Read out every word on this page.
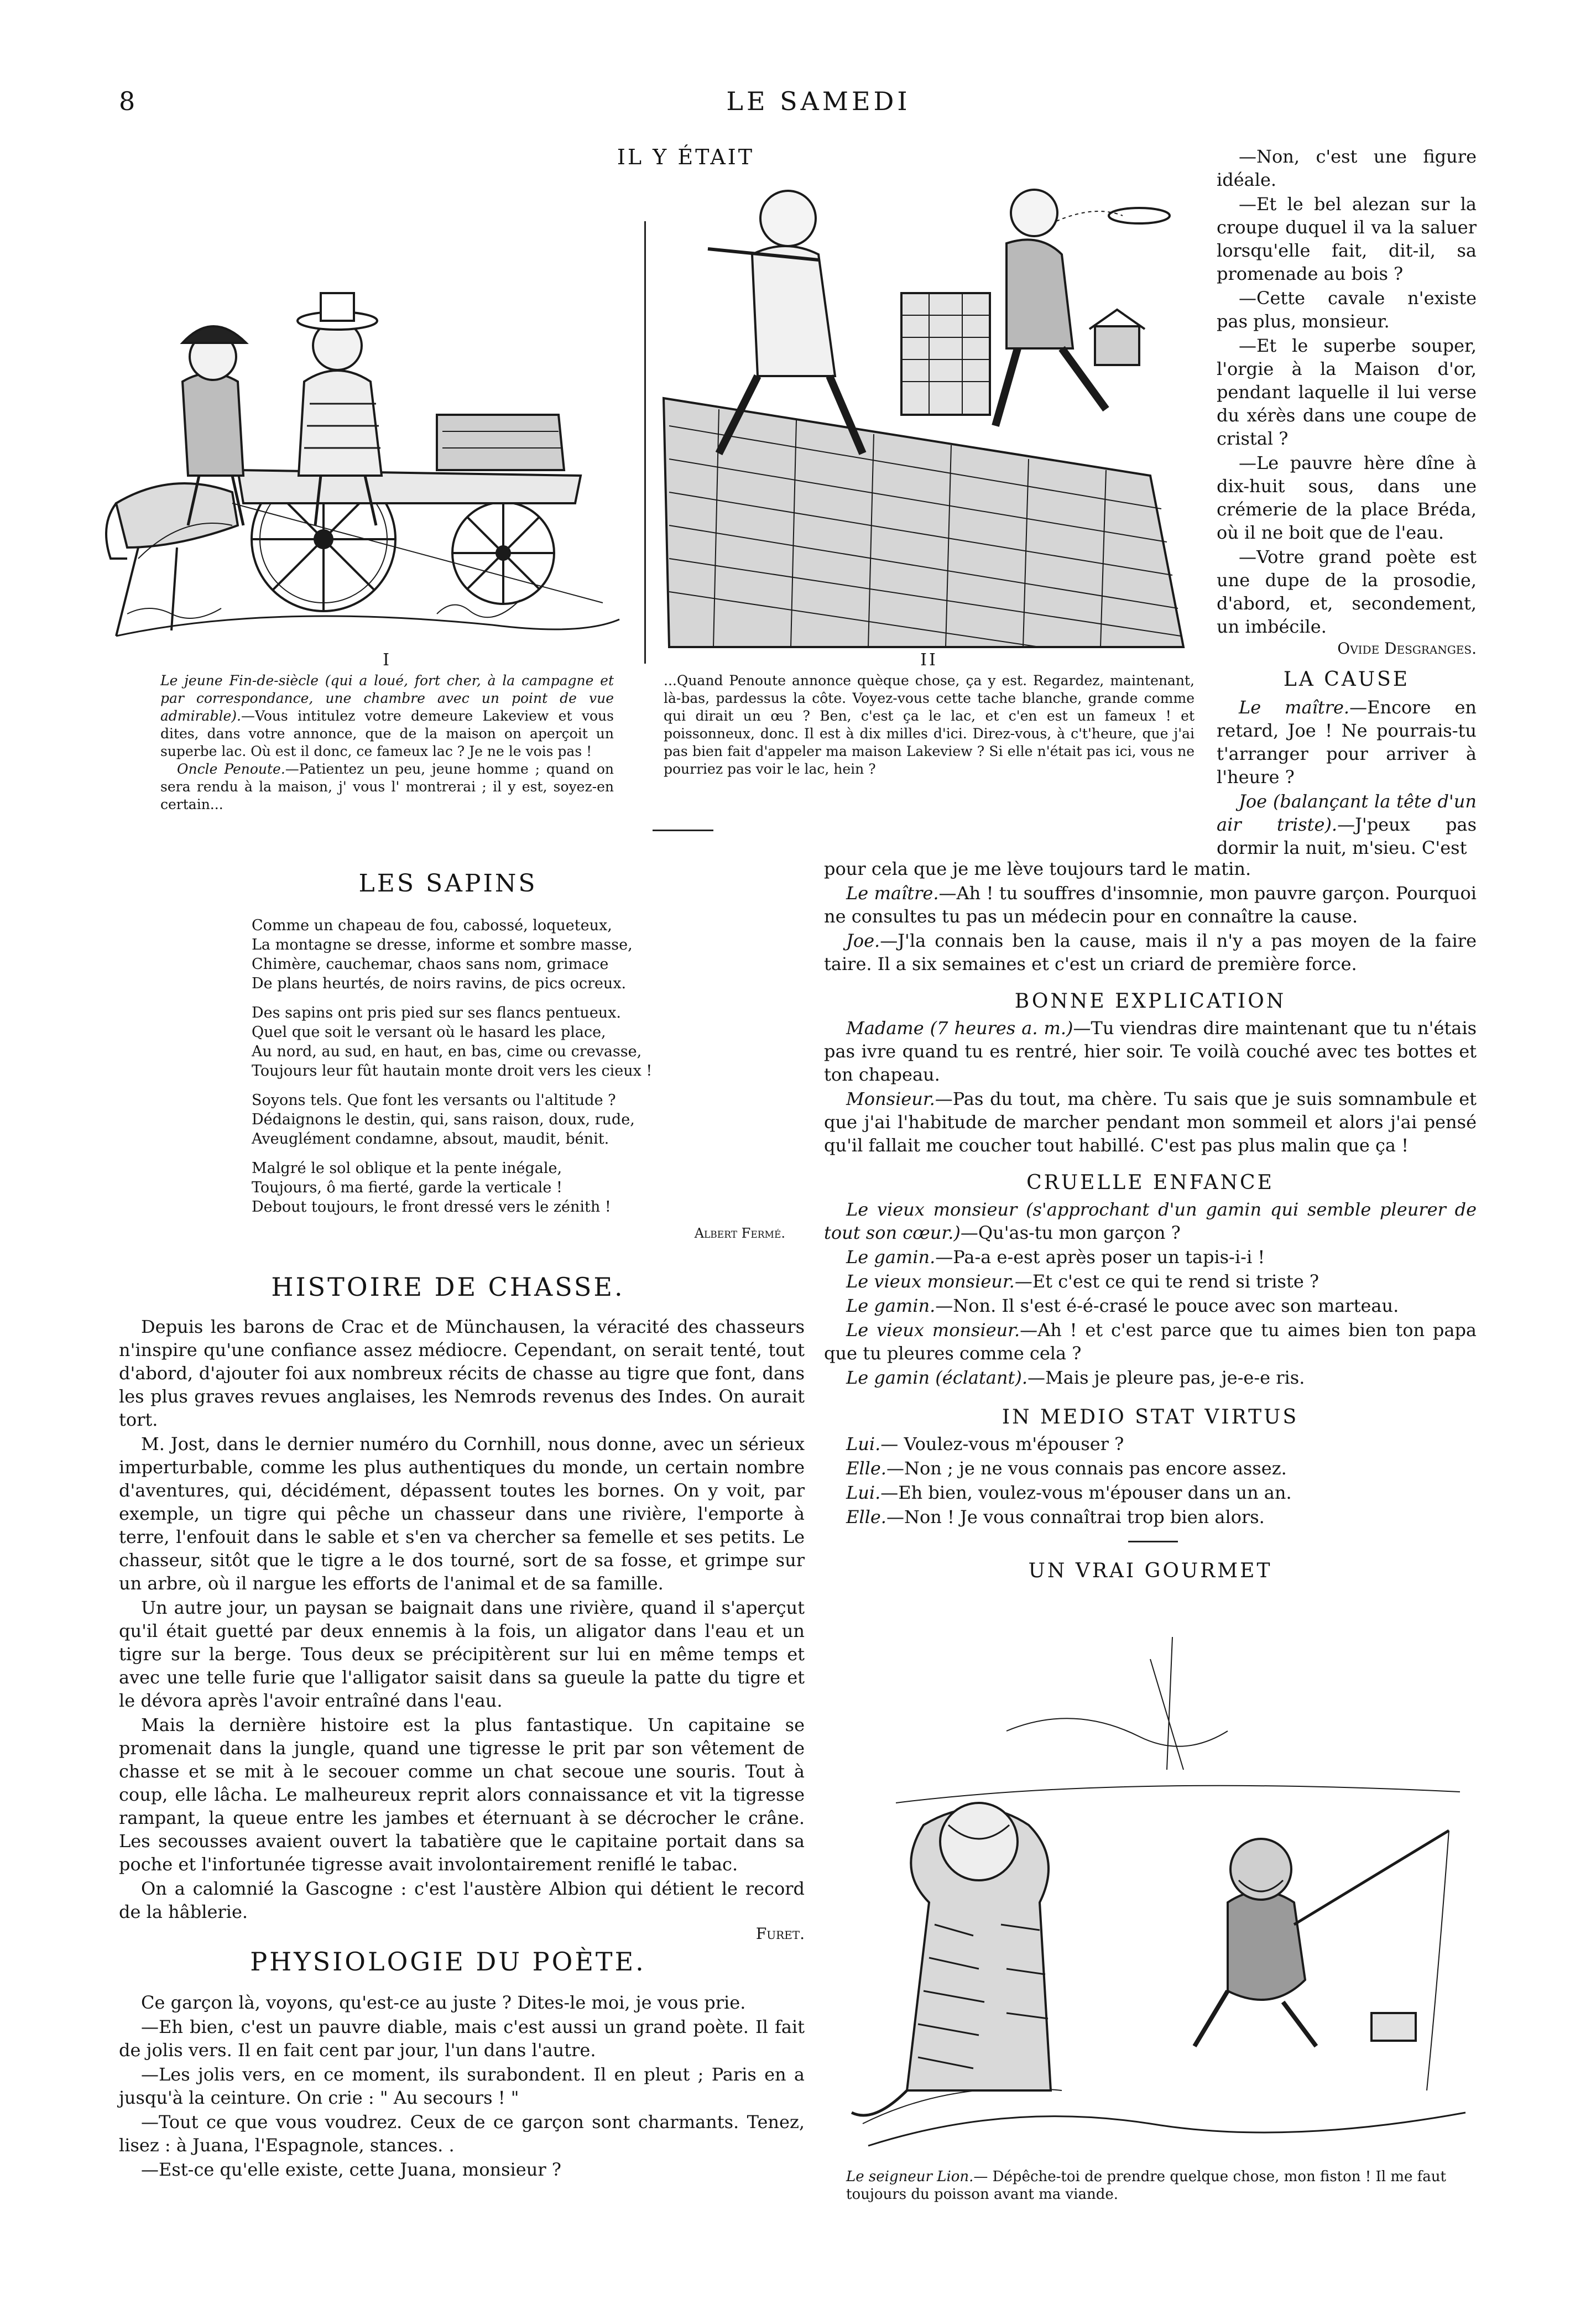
8	LE SAMEDI
IL Y ÉTAIT
I
Le jeune Fin-de-siècle (qui a loué, fort cher, à la campagne et par correspondance, une chambre avec un point de vue admirable).—Vous intitulez votre demeure Lakeview et vous dites, dans votre annonce, que de la maison on aperçoit un superbe lac. Où est il donc, ce fameux lac ? Je ne le vois pas !
Oncle Penoute.—Patientez un peu, jeune homme ; quand on sera rendu à la maison, j' vous l' montrerai ; il y est, soyez-en certain...
II
...Quand Penoute annonce quèque chose, ça y est. Regardez, maintenant, là-bas, pardessus la côte. Voyez-vous cette tache blanche, grande comme qui dirait un œu ? Ben, c'est ça le lac, et c'en est un fameux ! et poissonneux, donc. Il est à dix milles d'ici. Direz-vous, à c't'heure, que j'ai pas bien fait d'appeler ma maison Lakeview ? Si elle n'était pas ici, vous ne pourriez pas voir le lac, hein ?

—Non, c'est une figure idéale.

—Et le bel alezan sur la croupe duquel il va la saluer lorsqu'elle fait, dit-il, sa promenade au bois ?

—Cette cavale n'existe pas plus, monsieur.

—Et le superbe souper, l'orgie à la Maison d'or, pendant laquelle il lui verse du xérès dans une coupe de cristal ?

—Le pauvre hère dîne à dix-huit sous, dans une crémerie de la place Bréda, où il ne boit que de l'eau.

—Votre grand poète est une dupe de la prosodie, d'abord, et, secondement, un imbécile.

Ovide Desgranges.
LA CAUSE

Le maître.—Encore en retard, Joe ! Ne pourrais-tu t'arranger pour arriver à l'heure ?

Joe (balançant la tête d'un air triste).—J'peux pas dormir la nuit, m'sieu. C'est

pour cela que je me lève toujours tard le matin.

Le maître.—Ah ! tu souffres d'insomnie, mon pauvre garçon. Pourquoi ne consultes tu pas un médecin pour en connaître la cause.

Joe.—J'la connais ben la cause, mais il n'y a pas moyen de la faire taire. Il a six semaines et c'est un criard de première force.

BONNE EXPLICATION

Madame (7 heures a. m.)—Tu viendras dire maintenant que tu n'étais pas ivre quand tu es rentré, hier soir. Te voilà couché avec tes bottes et ton chapeau.

Monsieur.—Pas du tout, ma chère. Tu sais que je suis somnambule et que j'ai l'habitude de marcher pendant mon sommeil et alors j'ai pensé qu'il fallait me coucher tout habillé. C'est pas plus malin que ça !

CRUELLE ENFANCE

Le vieux monsieur (s'approchant d'un gamin qui semble pleurer de tout son cœur.)—Qu'as-tu mon garçon ?

Le gamin.—Pa-a e-est après poser un tapis-i-i !

Le vieux monsieur.—Et c'est ce qui te rend si triste ?

Le gamin.—Non. Il s'est é-é-crasé le pouce avec son marteau.

Le vieux monsieur.—Ah ! et c'est parce que tu aimes bien ton papa que tu pleures comme cela ?

Le gamin (éclatant).—Mais je pleure pas, je-e-e ris.

IN MEDIO STAT VIRTUS

Lui.— Voulez-vous m'épouser ?

Elle.—Non ; je ne vous connais pas encore assez.

Lui.—Eh bien, voulez-vous m'épouser dans un an.

Elle.—Non ! Je vous connaîtrai trop bien alors.

UN VRAI GOURMET
Le seigneur Lion.— Dépêche-toi de prendre quelque chose, mon fiston ! Il me faut toujours du poisson avant ma viande.
LES SAPINS
Comme un chapeau de fou, cabossé, loqueteux,
La montagne se dresse, informe et sombre masse,
Chimère, cauchemar, chaos sans nom, grimace
De plans heurtés, de noirs ravins, de pics ocreux.
Des sapins ont pris pied sur ses flancs pentueux.
Quel que soit le versant où le hasard les place,
Au nord, au sud, en haut, en bas, cime ou crevasse,
Toujours leur fût hautain monte droit vers les cieux !
Soyons tels. Que font les versants ou l'altitude ?
Dédaignons le destin, qui, sans raison, doux, rude,
Aveuglément condamne, absout, maudit, bénit.
Malgré le sol oblique et la pente inégale,
Toujours, ô ma fierté, garde la verticale !
Debout toujours, le front dressé vers le zénith !
Albert Fermé.
HISTOIRE DE CHASSE.

Depuis les barons de Crac et de Münchausen, la véracité des chasseurs n'inspire qu'une confiance assez médiocre. Cependant, on serait tenté, tout d'abord, d'ajouter foi aux nombreux récits de chasse au tigre que font, dans les plus graves revues anglaises, les Nemrods revenus des Indes. On aurait tort.

M. Jost, dans le dernier numéro du Cornhill, nous donne, avec un sérieux imperturbable, comme les plus authentiques du monde, un certain nombre d'aventures, qui, décidément, dépassent toutes les bornes. On y voit, par exemple, un tigre qui pêche un chasseur dans une rivière, l'emporte à terre, l'enfouit dans le sable et s'en va chercher sa femelle et ses petits. Le chasseur, sitôt que le tigre a le dos tourné, sort de sa fosse, et grimpe sur un arbre, où il nargue les efforts de l'animal et de sa famille.

Un autre jour, un paysan se baignait dans une rivière, quand il s'aperçut qu'il était guetté par deux ennemis à la fois, un aligator dans l'eau et un tigre sur la berge. Tous deux se précipitèrent sur lui en même temps et avec une telle furie que l'alligator saisit dans sa gueule la patte du tigre et le dévora après l'avoir entraîné dans l'eau.

Mais la dernière histoire est la plus fantastique. Un capitaine se promenait dans la jungle, quand une tigresse le prit par son vêtement de chasse et se mit à le secouer comme un chat secoue une souris. Tout à coup, elle lâcha. Le malheureux reprit alors connaissance et vit la tigresse rampant, la queue entre les jambes et éternuant à se décrocher le crâne. Les secousses avaient ouvert la tabatière que le capitaine portait dans sa poche et l'infortunée tigresse avait involontairement reniflé le tabac.

On a calomnié la Gascogne : c'est l'austère Albion qui détient le record de la hâblerie.

Furet.
PHYSIOLOGIE DU POÈTE.

Ce garçon là, voyons, qu'est-ce au juste ? Dites-le moi, je vous prie.

—Eh bien, c'est un pauvre diable, mais c'est aussi un grand poète. Il fait de jolis vers. Il en fait cent par jour, l'un dans l'autre.

—Les jolis vers, en ce moment, ils surabondent. Il en pleut ; Paris en a jusqu'à la ceinture. On crie : " Au secours ! "

—Tout ce que vous voudrez. Ceux de ce garçon sont charmants. Tenez, lisez : à Juana, l'Espagnole, stances. .

—Est-ce qu'elle existe, cette Juana, monsieur ?
